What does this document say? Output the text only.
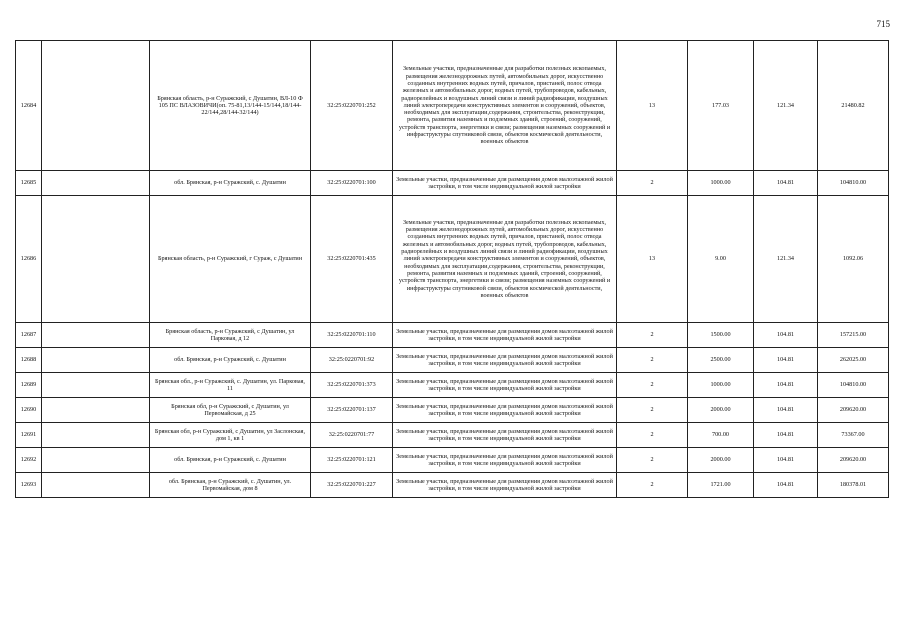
715
12684		Брянская область, р-н Суражский, с Душатин, ВЛ-10 Ф 105 ПС ВЛАЗОВИЧИ(оп. 75-81,13/144-15/144,18/144-22/144,28/144-32/144)	32:25:0220701:252	Земельные участки, предназначенные для разработки полезных ископаемых, размещения железнодорожных путей, автомобильных дорог, искусственно созданных внутренних водных путей, причалов, пристаней, полос отвода железных и автомобильных дорог, водных путей, трубопроводов, кабельных, радиорелейных и воздушных линий связи и линий радиофикации, воздушных линий электропередачи конструктивных элементов и сооружений, объектов, необходимых для эксплуатации,содержания, строительства, реконструкции, ремонта, развития наземных и подземных зданий, строений, сооружений, устройств транспорта, энергетики и связи; размещения наземных сооружений и инфраструктуры спутниковой связи, объектов космической деятельности, военных объектов	13	177.03	121.34	21480.82
12685		обл. Брянская, р-н Суражский, с. Душатин	32:25:0220701:100	Земельные участки, предназначенные для размещения домов малоэтажной жилой застройки, в том числе индивидуальной жилой застройки	2	1000.00	104.81	104810.00
12686		Брянская область, р-н Суражский, г Сураж, с Душатин	32:25:0220701:435	Земельные участки, предназначенные для разработки полезных ископаемых, размещения железнодорожных путей, автомобильных дорог, искусственно созданных внутренних водных путей, причалов, пристаней, полос отвода железных и автомобильных дорог, водных путей, трубопроводов, кабельных, радиорелейных и воздушных линий связи и линий радиофикации, воздушных линий электропередачи конструктивных элементов и сооружений, объектов, необходимых для эксплуатации,содержания, строительства, реконструкции, ремонта, развития наземных и подземных зданий, строений, сооружений, устройств транспорта, энергетики и связи; размещения наземных сооружений и инфраструктуры спутниковой связи, объектов космической деятельности, военных объектов	13	9.00	121.34	1092.06
12687		Брянская область, р-н Суражский, с Душатин, ул Парковая, д 12	32:25:0220701:110	Земельные участки, предназначенные для размещения домов малоэтажной жилой застройки, в том числе индивидуальной жилой застройки	2	1500.00	104.81	157215.00
12688		обл. Брянская, р-н Суражский, с. Душатин	32:25:0220701:92	Земельные участки, предназначенные для размещения домов малоэтажной жилой застройки, в том числе индивидуальной жилой застройки	2	2500.00	104.81	262025.00
12689		Брянская обл., р-н Суражский, с. Душатин, ул. Парковая, 11	32:25:0220701:373	Земельные участки, предназначенные для размещения домов малоэтажной жилой застройки, в том числе индивидуальной жилой застройки	2	1000.00	104.81	104810.00
12690		Брянская обл, р-н Суражский, с Душатин, ул Первомайская, д 25	32:25:0220701:137	Земельные участки, предназначенные для размещения домов малоэтажной жилой застройки, в том числе индивидуальной жилой застройки	2	2000.00	104.81	209620.00
12691		Брянская обл, р-н Суражский, с Душатин, ул Заслонская, дом 1, кв 1	32:25:0220701:77	Земельные участки, предназначенные для размещения домов малоэтажной жилой застройки, в том числе индивидуальной жилой застройки	2	700.00	104.81	73367.00
12692		обл. Брянская, р-н Суражский, с. Душатин	32:25:0220701:121	Земельные участки, предназначенные для размещения домов малоэтажной жилой застройки, в том числе индивидуальной жилой застройки	2	2000.00	104.81	209620.00
12693		обл. Брянская, р-н Суражский, с. Душатин, ул. Первомайская, дом 8	32:25:0220701:227	Земельные участки, предназначенные для размещения домов малоэтажной жилой застройки, в том числе индивидуальной жилой застройки	2	1721.00	104.81	180378.01
